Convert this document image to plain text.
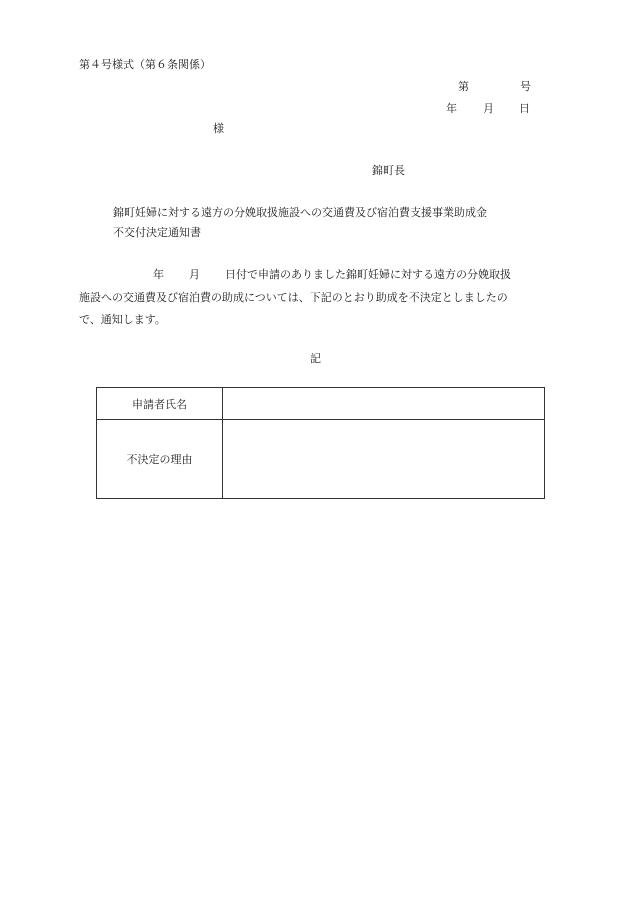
第４号様式（第６条関係）
第	号
年 月 日
様
錦町長
錦町妊婦に対する遠方の分娩取扱施設への交通費及び宿泊費支援事業助成金
不交付決定通知書
年 月 日付で申請のありました錦町妊婦に対する遠方の分娩取扱
施設への交通費及び宿泊費の助成については、下記のとおり助成を不決定としましたの
で、通知します。
記
申請者氏名	
不決定の理由	
